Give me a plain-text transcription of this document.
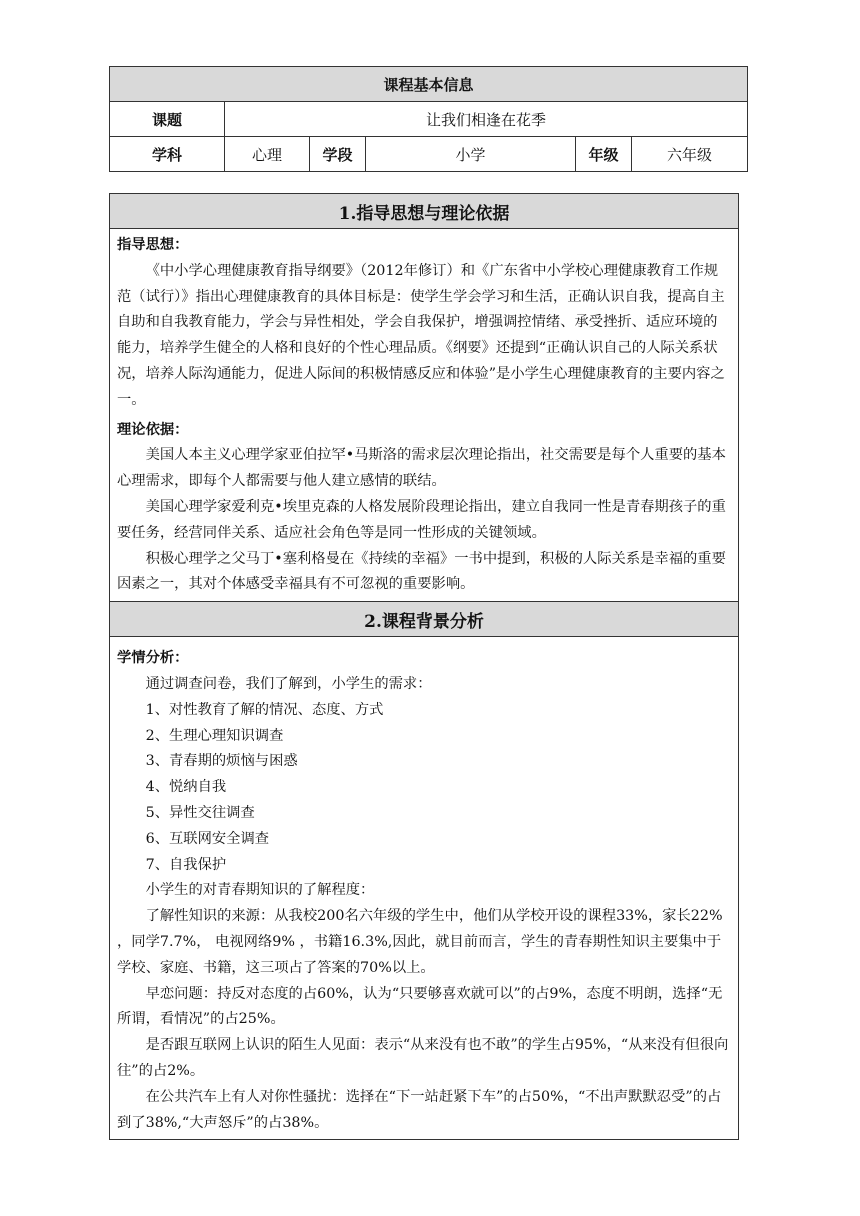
课程基本信息					
课题	让我们相逢在花季				
学科	心理	学段	小学	年级	六年级
1.指导思想与理论依据

指导思想：

《中小学心理健康教育指导纲要》（2012年修订）和《广东省中小学校心理健康教育工作规范（试行）》指出心理健康教育的具体目标是：使学生学会学习和生活，正确认识自我，提高自主自助和自我教育能力，学会与异性相处，学会自我保护，增强调控情绪、承受挫折、适应环境的能力，培养学生健全的人格和良好的个性心理品质。《纲要》还提到“正确认识自己的人际关系状况，培养人际沟通能力，促进人际间的积极情感反应和体验”是小学生心理健康教育的主要内容之一。

理论依据：

美国人本主义心理学家亚伯拉罕•马斯洛的需求层次理论指出，社交需要是每个人重要的基本心理需求，即每个人都需要与他人建立感情的联结。

美国心理学家爱利克•埃里克森的人格发展阶段理论指出，建立自我同一性是青春期孩子的重要任务，经营同伴关系、适应社会角色等是同一性形成的关键领域。

积极心理学之父马丁•塞利格曼在《持续的幸福》一书中提到，积极的人际关系是幸福的重要因素之一，其对个体感受幸福具有不可忽视的重要影响。

2.课程背景分析

学情分析：

通过调查问卷，我们了解到，小学生的需求：

1、对性教育了解的情况、态度、方式

2、生理心理知识调查

3、青春期的烦恼与困惑

4、悦纳自我

5、异性交往调查

6、互联网安全调查

7、自我保护

小学生的对青春期知识的了解程度：

了解性知识的来源：从我校200名六年级的学生中，他们从学校开设的课程33%，家长22% ，同学7.7%， 电视网络9% ，书籍16.3%,因此，就目前而言，学生的青春期性知识主要集中于学校、家庭、书籍，这三项占了答案的70%以上。

早恋问题：持反对态度的占60%，认为“只要够喜欢就可以”的占9%，态度不明朗，选择“无所谓，看情况”的占25%。

是否跟互联网上认识的陌生人见面：表示“从来没有也不敢”的学生占95%，“从来没有但很向往”的占2%。

在公共汽车上有人对你性骚扰：选择在“下一站赶紧下车”的占50%，“不出声默默忍受”的占到了38%,“大声怒斥”的占38%。
